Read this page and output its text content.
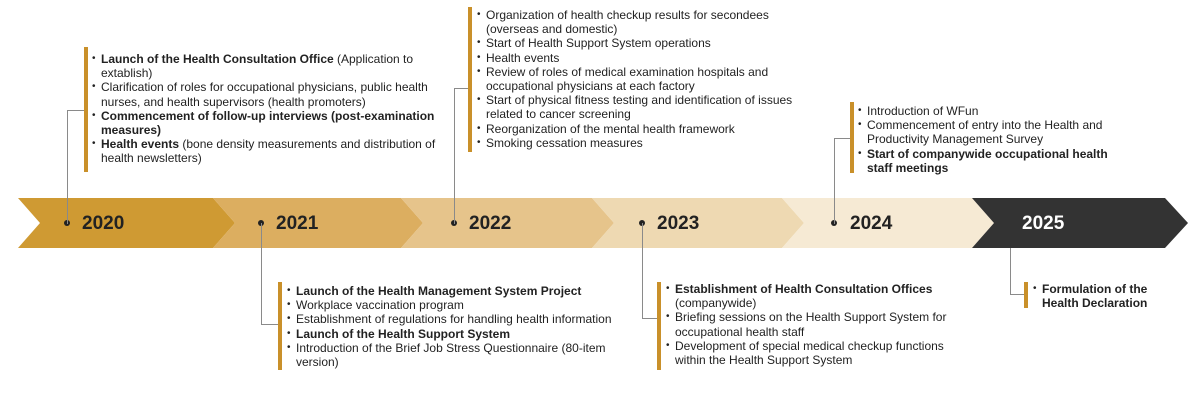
2020	2021	2022	2023	2024	2025
• Launch of the Health Consultation Office (Application to extablish)
• Clarification of roles for occupational physicians, public health nurses, and health supervisors (health promoters)
• Commencement of follow-up interviews (post-examination measures)
• Health events (bone density measurements and distribution of health newsletters)
• Launch of the Health Management System Project
• Workplace vaccination program
• Establishment of regulations for handling health information
• Launch of the Health Support System
• Introduction of the Brief Job Stress Questionnaire (80-item version)
• Organization of health checkup results for secondees (overseas and domestic)
• Start of Health Support System operations
• Health events
• Review of roles of medical examination hospitals and occupational physicians at each factory
• Start of physical fitness testing and identification of issues related to cancer screening
• Reorganization of the mental health framework
• Smoking cessation measures
• Establishment of Health Consultation Offices (companywide)
• Briefing sessions on the Health Support System for occupational health staff
• Development of special medical checkup functions within the Health Support System
• Introduction of WFun
• Commencement of entry into the Health and Productivity Management Survey
• Start of companywide occupational health staff meetings
• Formulation of the Health Declaration
